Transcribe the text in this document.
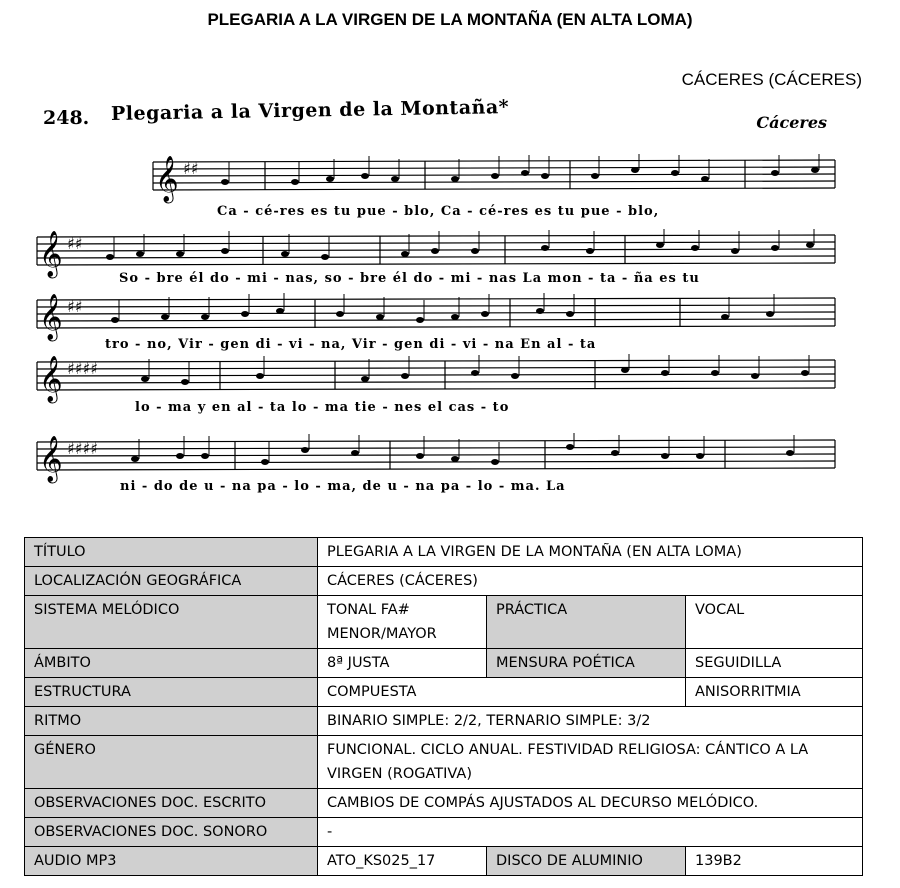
PLEGARIA A LA VIRGEN DE LA MONTAÑA (EN ALTA LOMA)
CÁCERES (CÁCERES)
248. Plegaria a la Virgen de la Montaña*	Cáceres
𝄞 ♯♯
Ca - cé-res es tu pue - blo, Ca - cé-res es tu pue - blo,
𝄞 ♯♯
So - bre él do - mi - nas, so - bre él do - mi - nas La mon - ta - ña es tu
𝄞 ♯♯
tro - no, Vir - gen di - vi - na, Vir - gen di - vi - na En al - ta
𝄞 ♯♯♯♯
lo - ma y en al - ta lo - ma tie - nes el cas - to
𝄞 ♯♯♯♯
ni - do de u - na pa - lo - ma, de u - na pa - lo - ma. La
TÍTULO	PLEGARIA A LA VIRGEN DE LA MONTAÑA (EN ALTA LOMA)		
LOCALIZACIÓN GEOGRÁFICA	CÁCERES (CÁCERES)		
SISTEMA MELÓDICO	TONAL FA# MENOR/MAYOR	PRÁCTICA	VOCAL
ÁMBITO	8ª JUSTA	MENSURA POÉTICA	SEGUIDILLA
ESTRUCTURA	COMPUESTA		ANISORRITMIA
RITMO	BINARIO SIMPLE: 2/2, TERNARIO SIMPLE: 3/2		
GÉNERO	FUNCIONAL. CICLO ANUAL. FESTIVIDAD RELIGIOSA: CÁNTICO A LA VIRGEN (ROGATIVA)		
OBSERVACIONES DOC. ESCRITO	CAMBIOS DE COMPÁS AJUSTADOS AL DECURSO MELÓDICO.		
OBSERVACIONES DOC. SONORO	-		
AUDIO MP3	ATO_KS025_17	DISCO DE ALUMINIO	139B2
